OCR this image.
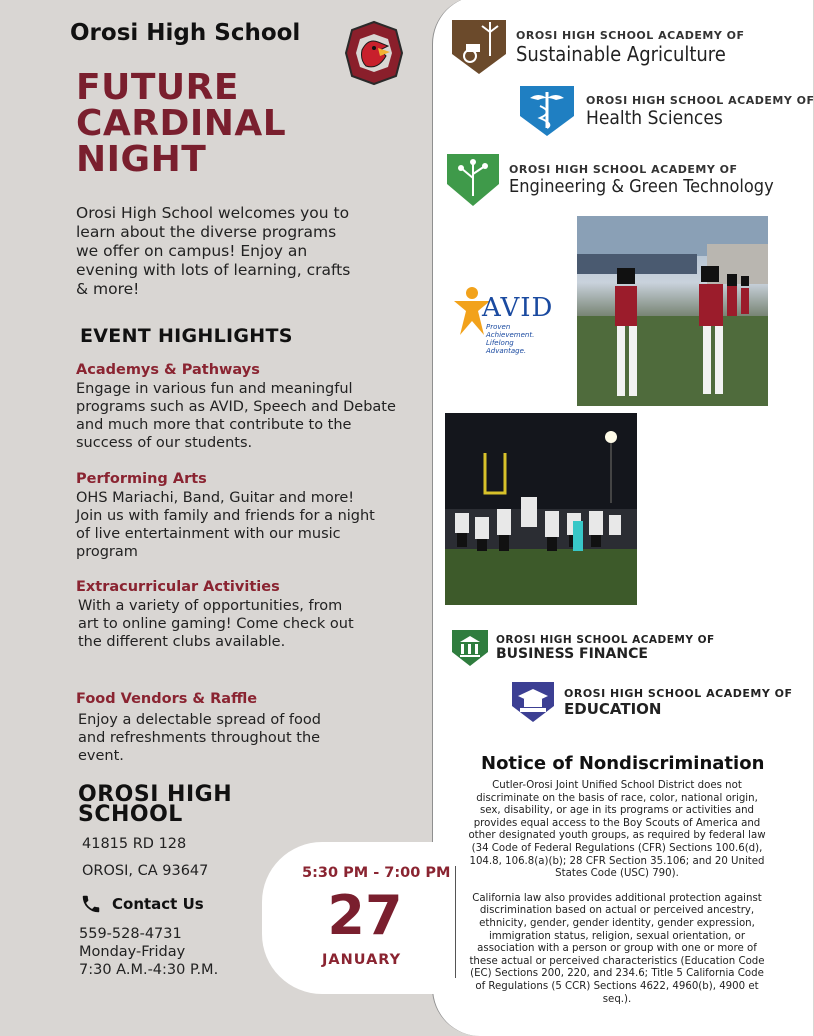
Orosi High School
FUTURE
CARDINAL
NIGHT
Orosi High School welcomes you to learn about the diverse programs we offer on campus! Enjoy an evening with lots of learning, crafts & more!
EVENT HIGHLIGHTS
Academys & Pathways
Engage in various fun and meaningful programs such as AVID, Speech and Debate and much more that contribute to the success of our students.
Performing Arts
OHS Mariachi, Band, Guitar and more! Join us with family and friends for a night of live entertainment with our music program
Extracurricular Activities
With a variety of opportunities, from art to online gaming! Come check out the different clubs available.
Food Vendors & Raffle
Enjoy a delectable spread of food and refreshments throughout the event.
OROSI HIGH
SCHOOL
41815 RD 128
OROSI, CA 93647
Contact Us
559-528-4731
Monday-Friday
7:30 A.M.-4:30 P.M.
5:30 PM - 7:00 PM
27
JANUARY
OROSI HIGH SCHOOL ACADEMY OF
Sustainable Agriculture
OROSI HIGH SCHOOL ACADEMY OF
Health Sciences
OROSI HIGH SCHOOL ACADEMY OF
Engineering & Green Technology
AVID
Proven Achievement.
Lifelong Advantage.
OROSI HIGH SCHOOL ACADEMY OF
BUSINESS FINANCE
OROSI HIGH SCHOOL ACADEMY OF
EDUCATION
Notice of Nondiscrimination
Cutler-Orosi Joint Unified School District does not discriminate on the basis of race, color, national origin, sex, disability, or age in its programs or activities and provides equal access to the Boy Scouts of America and other designated youth groups, as required by federal law (34 Code of Federal Regulations (CFR) Sections 100.6(d), 104.8, 106.8(a)(b); 28 CFR Section 35.106; and 20 United States Code (USC) 790).
California law also provides additional protection against discrimination based on actual or perceived ancestry, ethnicity, gender, gender identity, gender expression, immigration status, religion, sexual orientation, or association with a person or group with one or more of these actual or perceived characteristics (Education Code (EC) Sections 200, 220, and 234.6; Title 5 California Code of Regulations (5 CCR) Sections 4622, 4960(b), 4900 et seq.).
